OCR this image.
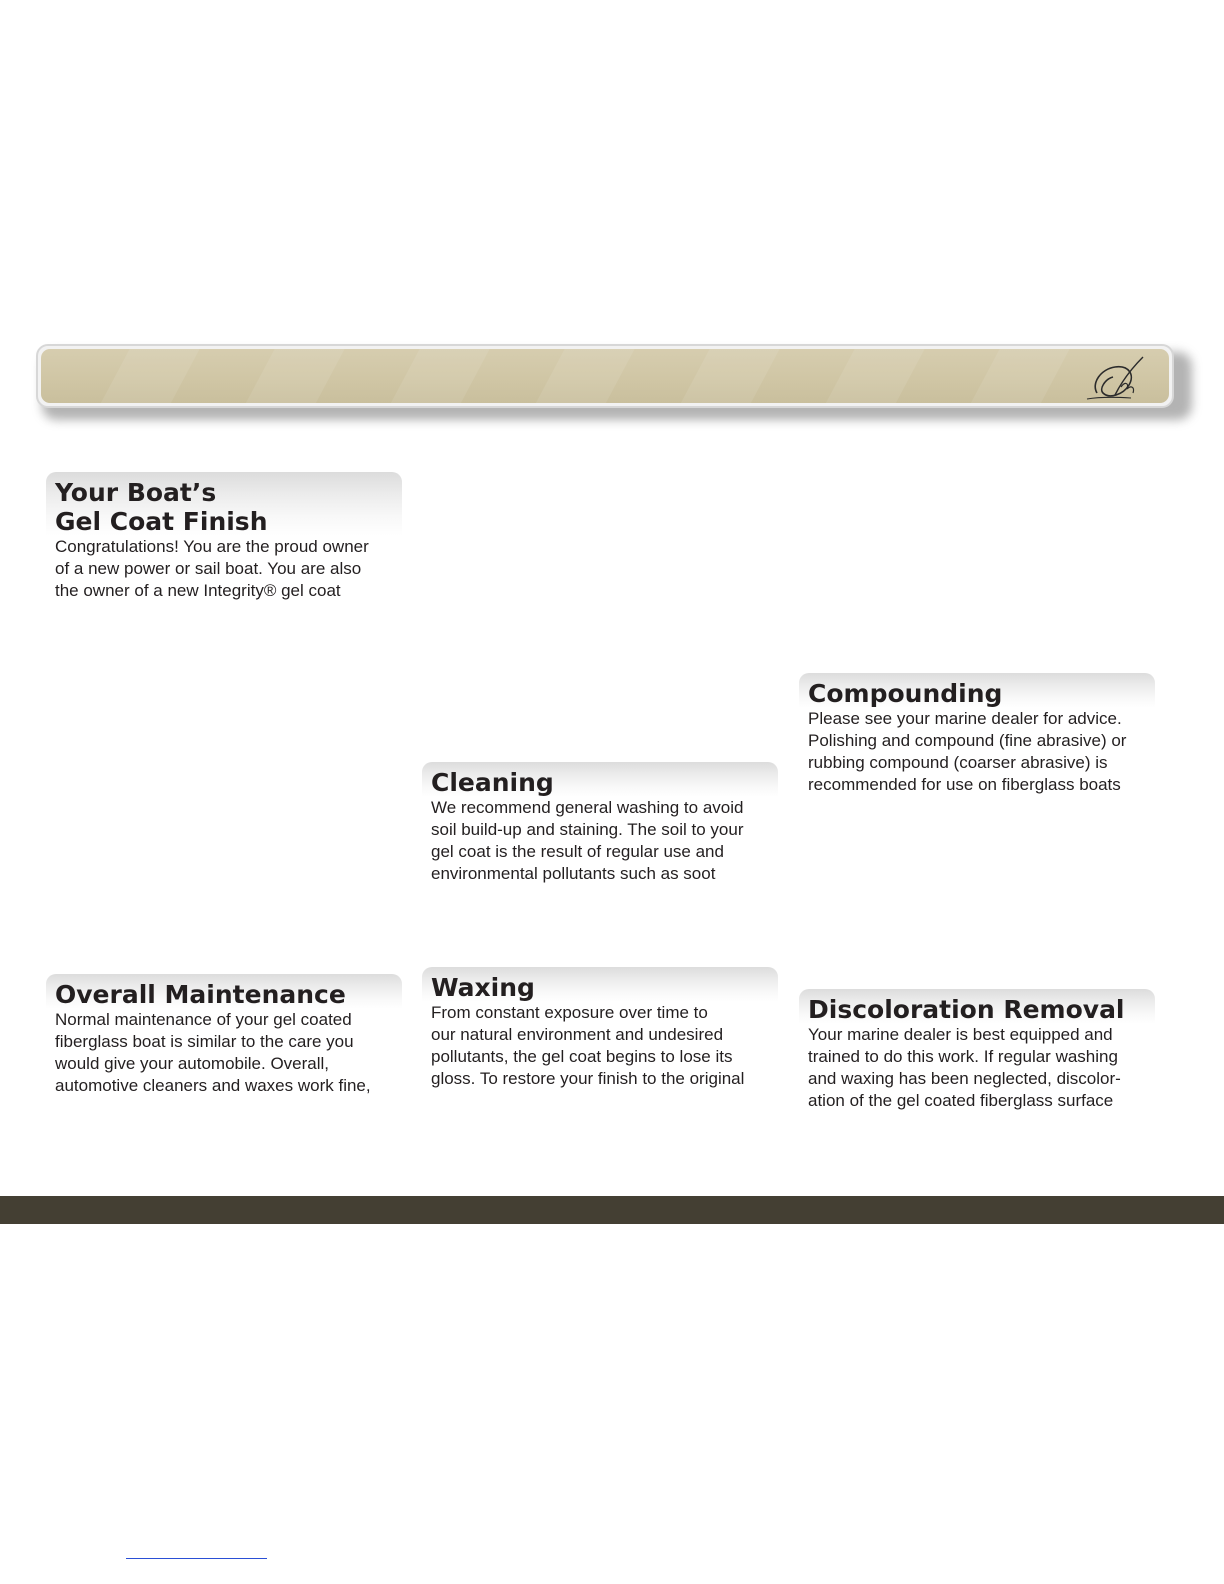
Your Boat’s
Gel Coat Finish

Congratulations! You are the proud owner
of a new power or sail boat. You are also
the owner of a new Integrity® gel coat

Cleaning

We recommend general washing to avoid
soil build-up and staining. The soil to your
gel coat is the result of regular use and
environmental pollutants such as soot

Compounding

Please see your marine dealer for advice.
Polishing and compound (fine abrasive) or
rubbing compound (coarser abrasive) is
recommended for use on fiberglass boats

Overall Maintenance

Normal maintenance of your gel coated
fiberglass boat is similar to the care you
would give your automobile. Overall,
automotive cleaners and waxes work fine,

Waxing

From constant exposure over time to
our natural environment and undesired
pollutants, the gel coat begins to lose its
gloss. To restore your finish to the original

Discoloration Removal

Your marine dealer is best equipped and
trained to do this work. If regular washing
and waxing has been neglected, discolor-
ation of the gel coated fiberglass surface
